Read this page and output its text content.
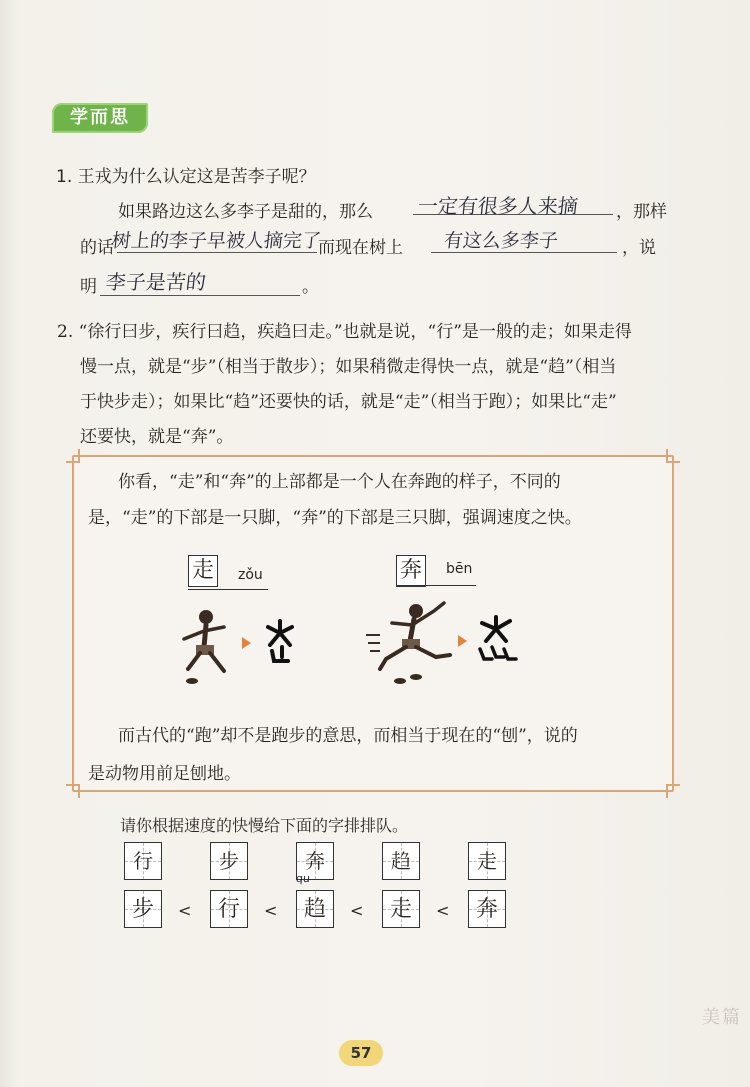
学而思
1. 王戎为什么认定这是苦李子呢？
如果路边这么多李子是甜的，那么 一定有很多人来摘 ，那样
的话
树上的李子早被人摘完了
而现在树上 有这么多李子	，说
明 李子是苦的	。
2. “徐行曰步，疾行曰趋，疾趋曰走。”也就是说，“行”是一般的走；如果走得
慢一点，就是“步”（相当于散步）；如果稍微走得快一点，就是“趋”（相当
于快步走）；如果比“趋”还要快的话，就是“走”（相当于跑）；如果比“走”
还要快，就是“奔”。
你看，“走”和“奔”的上部都是一个人在奔跑的样子，不同的
是，“走”的下部是一只脚，“奔”的下部是三只脚，强调速度之快。
走 zǒu	奔 bēn
而古代的“跑”却不是跑步的意思，而相当于现在的“刨”，说的
是动物用前足刨地。
请你根据速度的快慢给下面的字排排队。
行	步	奔	趋	走
qu
步	<	行	<	趋	<	走	<	奔
57
美篇
